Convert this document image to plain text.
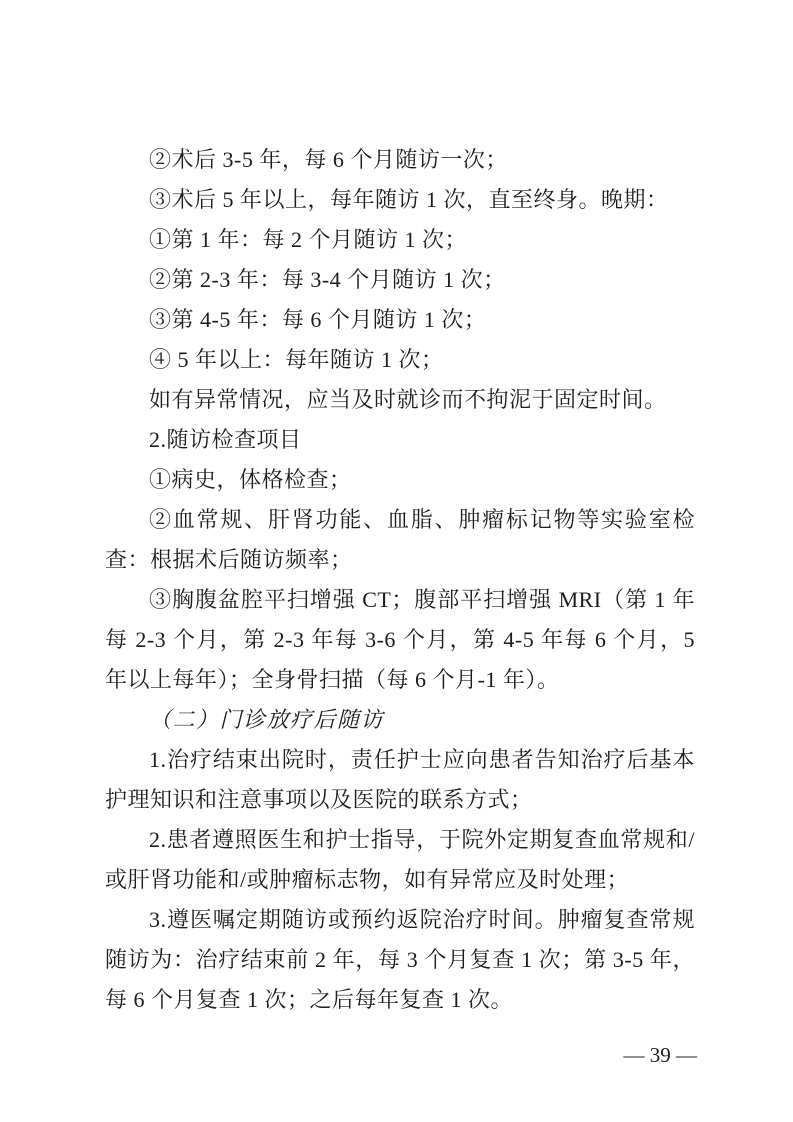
②术后 3-5 年，每 6 个月随访一次；

③术后 5 年以上，每年随访 1 次，直至终身。晚期：

①第 1 年：每 2 个月随访 1 次；

②第 2-3 年：每 3-4 个月随访 1 次；

③第 4-5 年：每 6 个月随访 1 次；

④ 5 年以上：每年随访 1 次；

如有异常情况，应当及时就诊而不拘泥于固定时间。

2.随访检查项目

①病史，体格检查；

②血常规、肝肾功能、血脂、肿瘤标记物等实验室检查：根据术后随访频率；

③胸腹盆腔平扫增强 CT；腹部平扫增强 MRI（第 1 年每 2-3 个月，第 2-3 年每 3-6 个月，第 4-5 年每 6 个月，5 年以上每年）；全身骨扫描（每 6 个月-1 年）。

（二）门诊放疗后随访

1.治疗结束出院时，责任护士应向患者告知治疗后基本护理知识和注意事项以及医院的联系方式；

2.患者遵照医生和护士指导，于院外定期复查血常规和/或肝肾功能和/或肿瘤标志物，如有异常应及时处理；

3.遵医嘱定期随访或预约返院治疗时间。肿瘤复查常规随访为：治疗结束前 2 年，每 3 个月复查 1 次；第 3-5 年，每 6 个月复查 1 次；之后每年复查 1 次。

— 39 —
